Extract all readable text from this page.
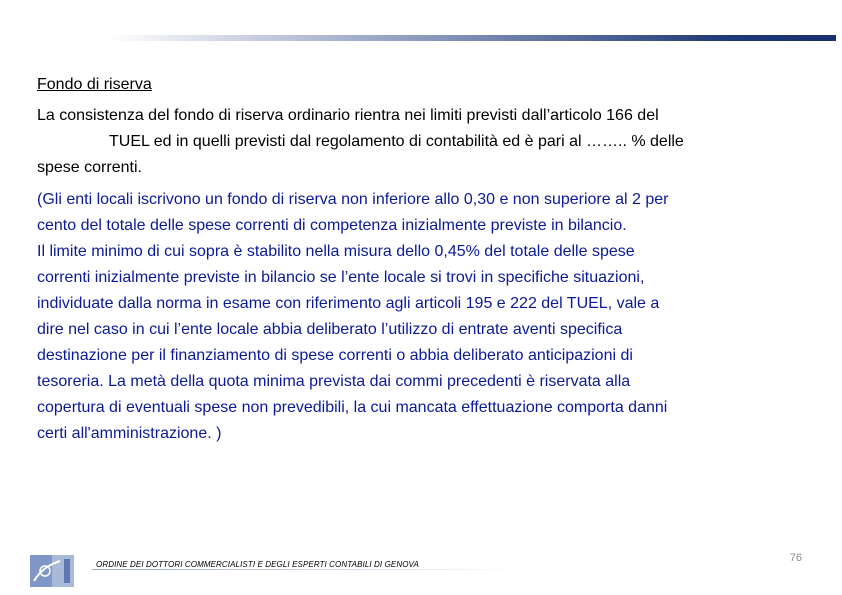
Fondo di riserva
La consistenza del fondo di riserva ordinario rientra nei limiti previsti dall’articolo 166 del
TUEL ed in quelli previsti dal regolamento di contabilità ed è pari al …….. % delle
spese correnti.
(Gli enti locali iscrivono un fondo di riserva non inferiore allo 0,30 e non superiore al 2 per
cento del totale delle spese correnti di competenza inizialmente previste in bilancio.
Il limite minimo di cui sopra è stabilito nella misura dello 0,45% del totale delle spese
correnti inizialmente previste in bilancio se l’ente locale si trovi in specifiche situazioni,
individuate dalla norma in esame con riferimento agli articoli 195 e 222 del TUEL, vale a
dire nel caso in cui l’ente locale abbia deliberato l’utilizzo di entrate aventi specifica
destinazione per il finanziamento di spese correnti o abbia deliberato anticipazioni di
tesoreria. La metà della quota minima prevista dai commi precedenti è riservata alla
copertura di eventuali spese non prevedibili, la cui mancata effettuazione comporta danni
certi all'amministrazione. )
ORDINE DEI DOTTORI COMMERCIALISTI E DEGLI ESPERTI CONTABILI DI GENOVA
76
